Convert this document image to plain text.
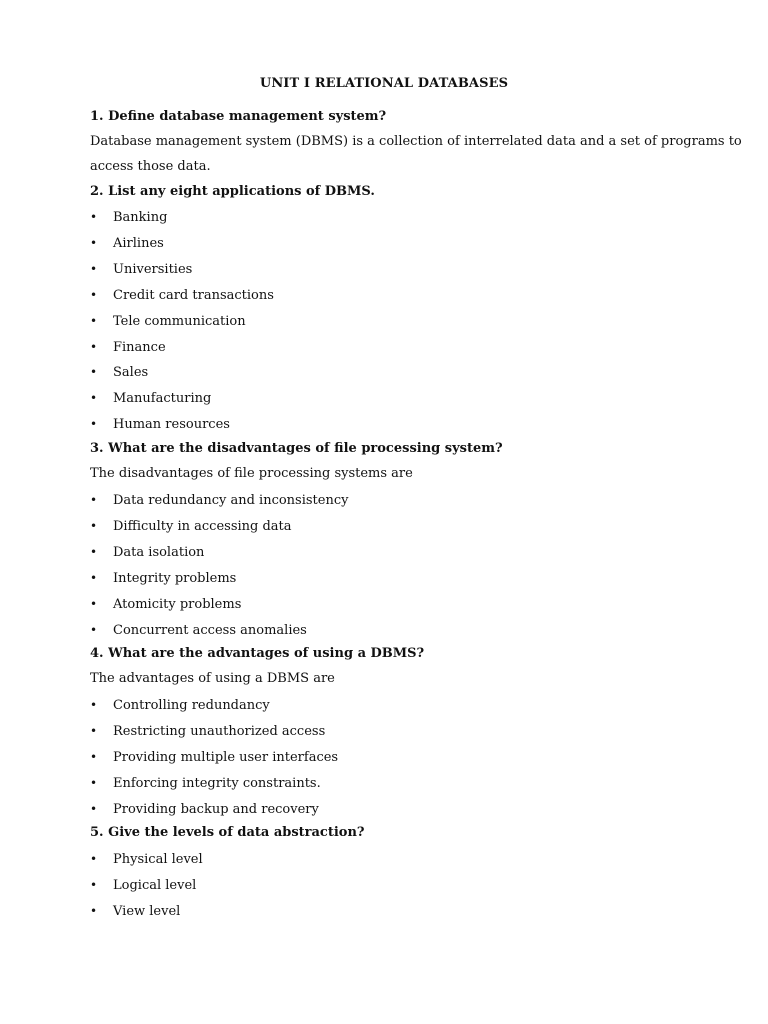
UNIT I RELATIONAL DATABASES
1. Define database management system?
Database management system (DBMS) is a collection of interrelated data and a set of programs to
access those data.
2. List any eight applications of DBMS.
• Banking
• Airlines
• Universities
• Credit card transactions
• Tele communication
• Finance
• Sales
• Manufacturing
• Human resources
3. What are the disadvantages of file processing system?
The disadvantages of file processing systems are
• Data redundancy and inconsistency
• Difficulty in accessing data
• Data isolation
• Integrity problems
• Atomicity problems
• Concurrent access anomalies
4. What are the advantages of using a DBMS?
The advantages of using a DBMS are
• Controlling redundancy
• Restricting unauthorized access
• Providing multiple user interfaces
• Enforcing integrity constraints.
• Providing backup and recovery
5. Give the levels of data abstraction?
• Physical level
• Logical level
• View level
